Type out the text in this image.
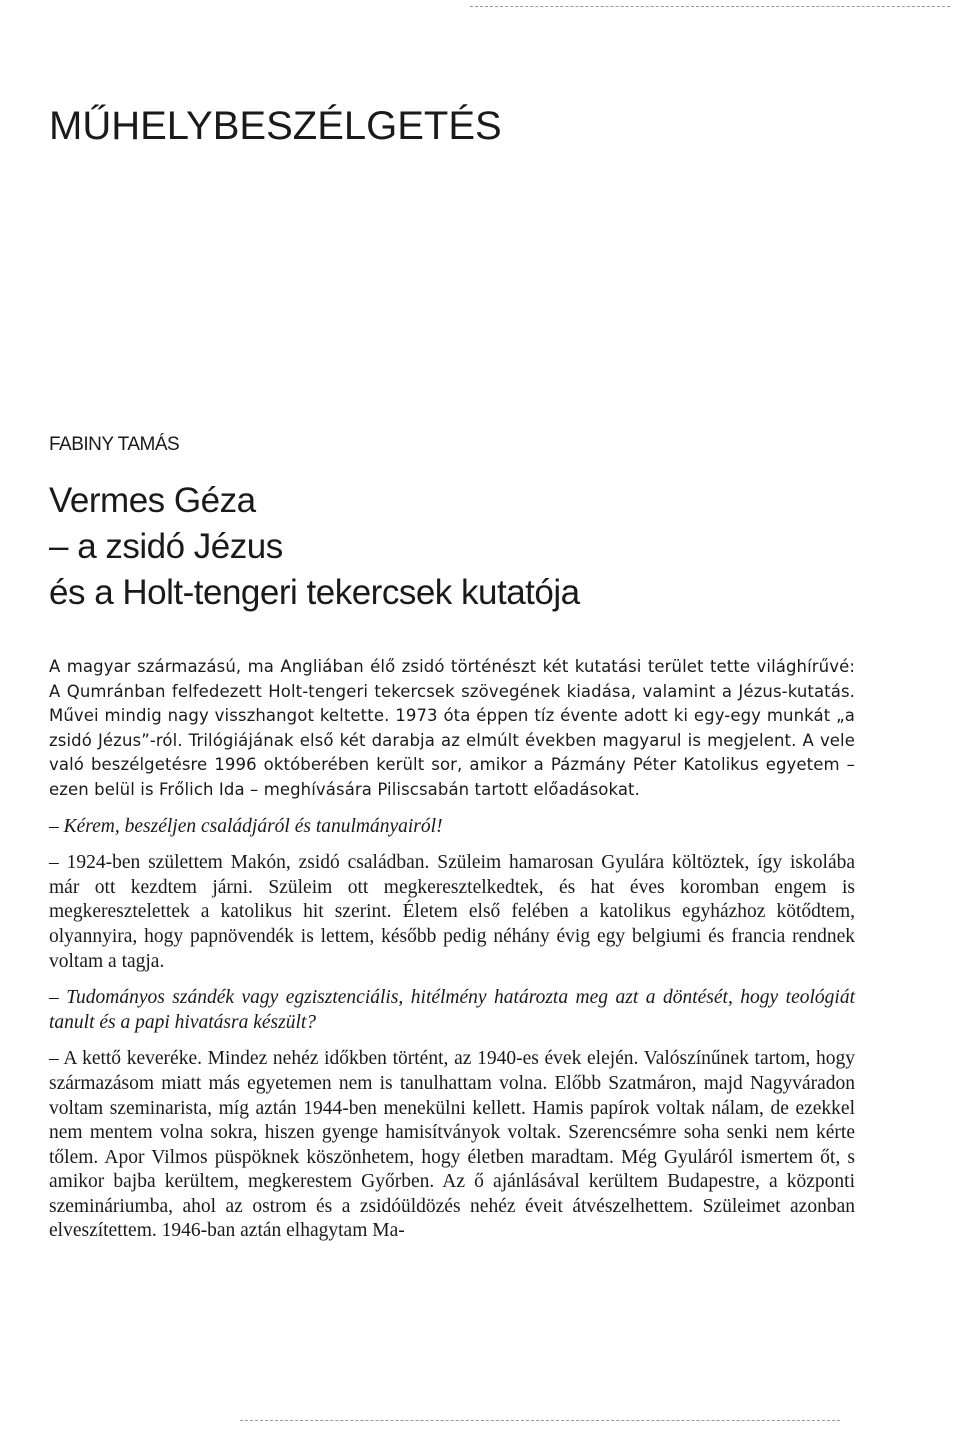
MŰHELYBESZÉLGETÉS
FABINY TAMÁS
Vermes Géza
– a zsidó Jézus
és a Holt-tengeri tekercsek kutatója

A magyar származású, ma Angliában élő zsidó történészt két kutatási terület tette világhírűvé: A Qumránban felfedezett Holt-tengeri tekercsek szövegének kiadása, valamint a Jézus-kutatás. Művei mindig nagy visszhangot keltette. 1973 óta éppen tíz évente adott ki egy-egy munkát „a zsidó Jézus”-ról. Trilógiájának első két darabja az elmúlt években magyarul is megjelent. A vele való beszélgetésre 1996 októberében került sor, amikor a Pázmány Péter Katolikus egyetem – ezen belül is Frőlich Ida – meghívására Piliscsabán tartott előadásokat.

– Kérem, beszéljen családjáról és tanulmányairól!

– 1924-ben születtem Makón, zsidó családban. Szüleim hamarosan Gyulára költöztek, így iskolába már ott kezdtem járni. Szüleim ott megkeresztelkedtek, és hat éves koromban engem is megkeresztelettek a katolikus hit szerint. Életem első felében a katolikus egyházhoz kötődtem, olyannyira, hogy papnövendék is lettem, később pedig néhány évig egy belgiumi és francia rendnek voltam a tagja.

– Tudományos szándék vagy egzisztenciális, hitélmény határozta meg azt a döntését, hogy teológiát tanult és a papi hivatásra készült?

– A kettő keveréke. Mindez nehéz időkben történt, az 1940-es évek elején. Valószínűnek tartom, hogy származásom miatt más egyetemen nem is tanulhattam volna. Előbb Szatmáron, majd Nagyváradon voltam szeminarista, míg aztán 1944-ben menekülni kellett. Hamis papírok voltak nálam, de ezekkel nem mentem volna sokra, hiszen gyenge hamisítványok voltak. Szerencsémre soha senki nem kérte tőlem. Apor Vilmos püspöknek köszönhetem, hogy életben maradtam. Még Gyuláról ismertem őt, s amikor bajba kerültem, megkerestem Győrben. Az ő ajánlásával kerültem Budapestre, a központi szemináriumba, ahol az ostrom és a zsidóüldözés nehéz éveit átvészelhettem. Szüleimet azonban elveszítettem. 1946-ban aztán elhagytam Ma-
